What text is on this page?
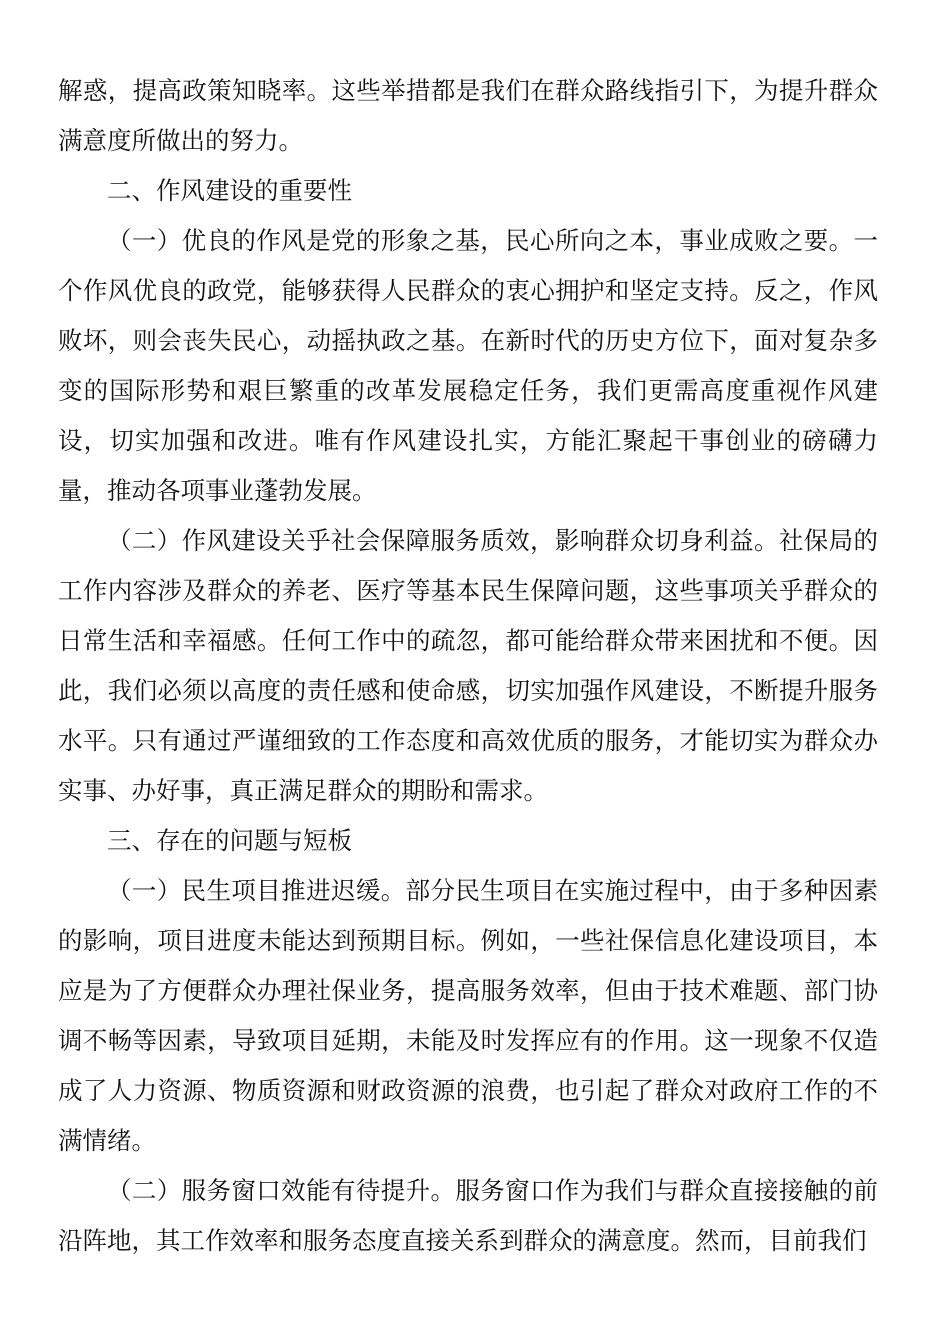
解惑，提高政策知晓率。这些举措都是我们在群众路线指引下，为提升群众满意度所做出的努力。

二、作风建设的重要性

（一）优良的作风是党的形象之基，民心所向之本，事业成败之要。一个作风优良的政党，能够获得人民群众的衷心拥护和坚定支持。反之，作风败坏，则会丧失民心，动摇执政之基。在新时代的历史方位下，面对复杂多变的国际形势和艰巨繁重的改革发展稳定任务，我们更需高度重视作风建设，切实加强和改进。唯有作风建设扎实，方能汇聚起干事创业的磅礴力量，推动各项事业蓬勃发展。

（二）作风建设关乎社会保障服务质效，影响群众切身利益。社保局的工作内容涉及群众的养老、医疗等基本民生保障问题，这些事项关乎群众的日常生活和幸福感。任何工作中的疏忽，都可能给群众带来困扰和不便。因此，我们必须以高度的责任感和使命感，切实加强作风建设，不断提升服务水平。只有通过严谨细致的工作态度和高效优质的服务，才能切实为群众办实事、办好事，真正满足群众的期盼和需求。

三、存在的问题与短板

（一）民生项目推进迟缓。部分民生项目在实施过程中，由于多种因素的影响，项目进度未能达到预期目标。例如，一些社保信息化建设项目，本应是为了方便群众办理社保业务，提高服务效率，但由于技术难题、部门协调不畅等因素，导致项目延期，未能及时发挥应有的作用。这一现象不仅造成了人力资源、物质资源和财政资源的浪费，也引起了群众对政府工作的不满情绪。

（二）服务窗口效能有待提升。服务窗口作为我们与群众直接接触的前沿阵地，其工作效率和服务态度直接关系到群众的满意度。然而，目前我们
